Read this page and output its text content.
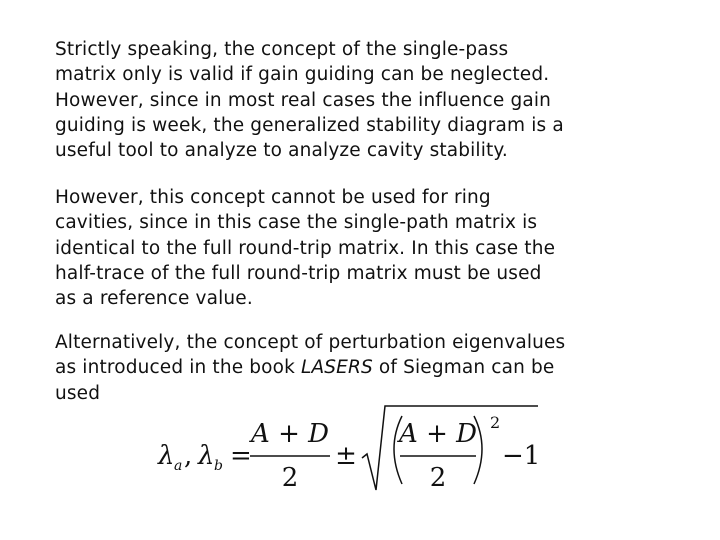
Strictly speaking, the concept of the single-pass
matrix only is valid if gain guiding can be neglected.
However, since in most real cases the influence gain
guiding is week, the generalized stability diagram is a
useful tool to analyze to analyze cavity stability.

However, this concept cannot be used for ring
cavities, since in this case the single-path matrix is
identical to the full round-trip matrix. In this case the
half-trace of the full round-trip matrix must be used
as a reference value.

Alternatively, the concept of perturbation eigenvalues
as introduced in the book LASERS of Siegman can be
used

λ a , λ b =
A + D
2
±
A + D
2
2
−1
